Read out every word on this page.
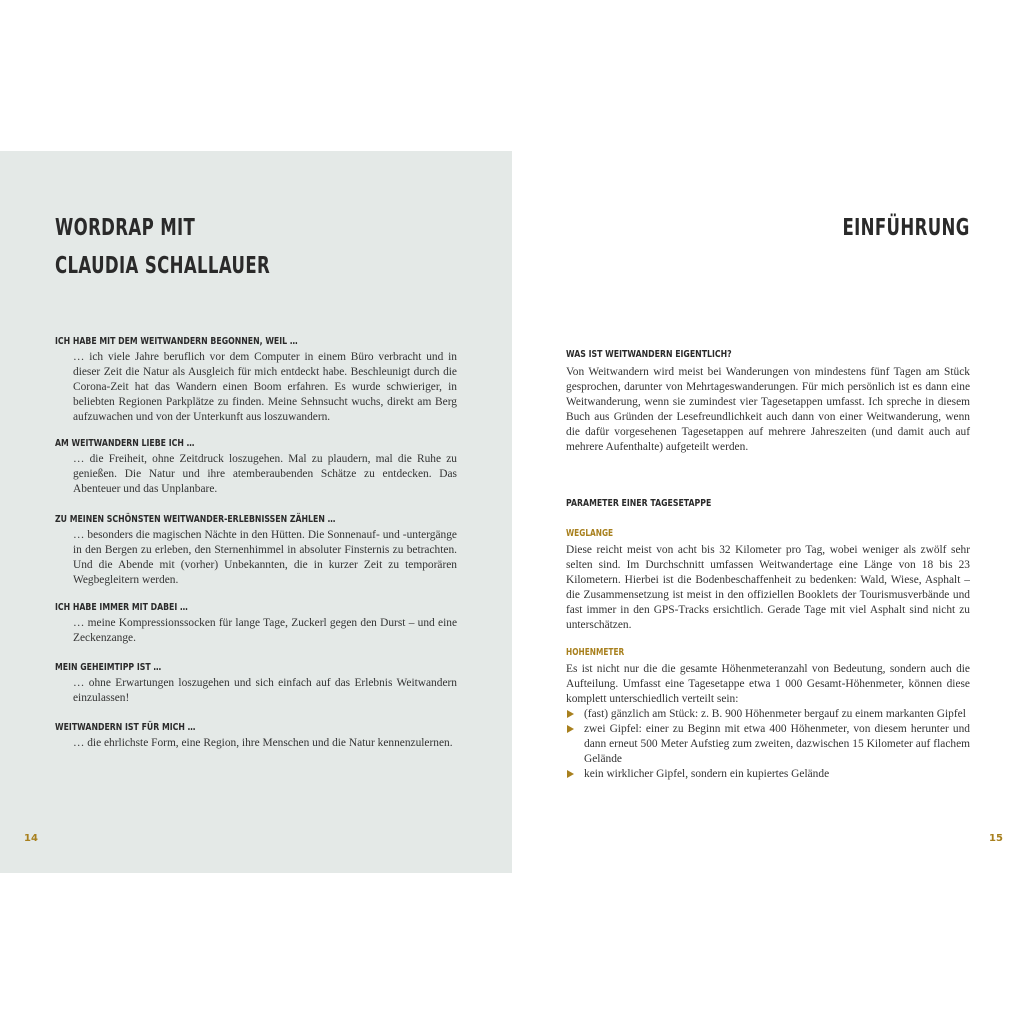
WORDRAP MIT
CLAUDIA SCHALLAUER
ICH HABE MIT DEM WEITWANDERN BEGONNEN, WEIL …
… ich viele Jahre beruflich vor dem Computer in einem Büro verbracht und in dieser Zeit die Natur als Ausgleich für mich entdeckt habe. Beschleunigt durch die Corona-Zeit hat das Wandern einen Boom erfahren. Es wurde schwieriger, in beliebten Regionen Parkplätze zu finden. Meine Sehnsucht wuchs, direkt am Berg aufzuwachen und von der Unterkunft aus loszuwandern.
AM WEITWANDERN LIEBE ICH …
… die Freiheit, ohne Zeitdruck loszugehen. Mal zu plaudern, mal die Ruhe zu genießen. Die Natur und ihre atemberaubenden Schätze zu entdecken. Das Abenteuer und das Unplanbare.
ZU MEINEN SCHÖNSTEN WEITWANDER-ERLEBNISSEN ZÄHLEN …
… besonders die magischen Nächte in den Hütten. Die Sonnenauf- und -untergänge in den Bergen zu erleben, den Sternenhimmel in absoluter Finsternis zu betrachten. Und die Abende mit (vorher) Unbekannten, die in kurzer Zeit zu temporären Wegbegleitern werden.
ICH HABE IMMER MIT DABEI …
… meine Kompressionssocken für lange Tage, Zuckerl gegen den Durst – und eine Zeckenzange.
MEIN GEHEIMTIPP IST …
… ohne Erwartungen loszugehen und sich einfach auf das Erlebnis Weitwandern einzulassen!
WEITWANDERN IST FÜR MICH …
… die ehrlichste Form, eine Region, ihre Menschen und die Natur kennenzulernen.
14
EINFÜHRUNG
WAS IST WEITWANDERN EIGENTLICH?
Von Weitwandern wird meist bei Wanderungen von mindestens fünf Tagen am Stück gesprochen, darunter von Mehrtageswanderungen. Für mich persönlich ist es dann eine Weitwanderung, wenn sie zumindest vier Tagesetappen umfasst. Ich spreche in diesem Buch aus Gründen der Lesefreundlichkeit auch dann von einer Weitwanderung, wenn die dafür vorgesehenen Tagesetappen auf mehrere Jahreszeiten (und damit auch auf mehrere Aufenthalte) aufgeteilt werden.
PARAMETER EINER TAGESETAPPE
WEGLÄNGE
Diese reicht meist von acht bis 32 Kilometer pro Tag, wobei weniger als zwölf sehr selten sind. Im Durchschnitt umfassen Weitwandertage eine Länge von 18 bis 23 Kilometern. Hierbei ist die Bodenbeschaffenheit zu bedenken: Wald, Wiese, Asphalt – die Zusammensetzung ist meist in den offiziellen Booklets der Tourismusverbände und fast immer in den GPS-Tracks ersichtlich. Gerade Tage mit viel Asphalt sind nicht zu unterschätzen.
HÖHENMETER
Es ist nicht nur die die gesamte Höhenmeteranzahl von Bedeutung, sondern auch die Aufteilung. Umfasst eine Tagesetappe etwa 1 000 Gesamt-Höhenmeter, können diese komplett unterschiedlich verteilt sein:
(fast) gänzlich am Stück: z. B. 900 Höhenmeter bergauf zu einem markanten Gipfel
zwei Gipfel: einer zu Beginn mit etwa 400 Höhenmeter, von diesem herunter und dann erneut 500 Meter Aufstieg zum zweiten, dazwischen 15 Kilometer auf flachem Gelände
kein wirklicher Gipfel, sondern ein kupiertes Gelände
15
